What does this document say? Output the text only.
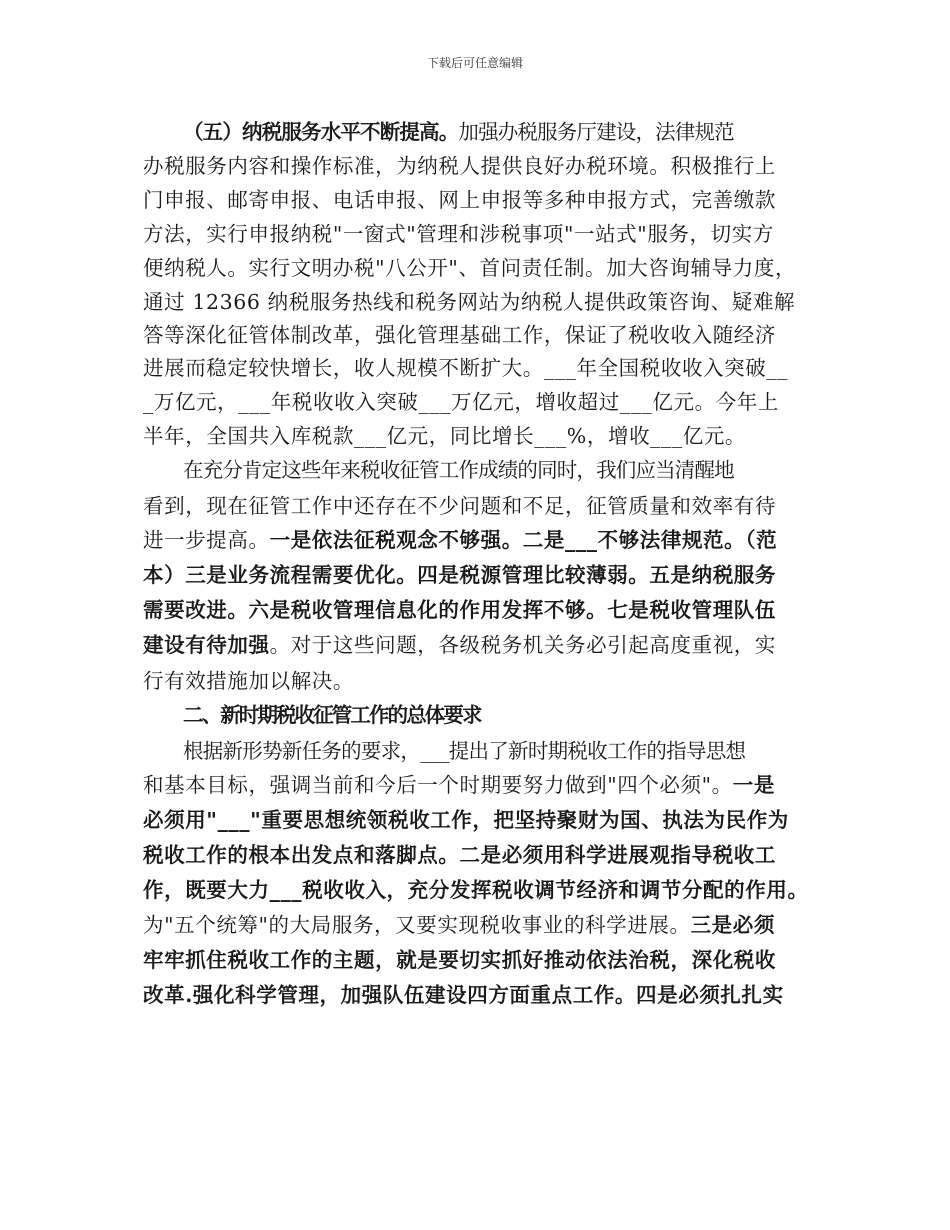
下载后可任意编辑
（五）纳税服务水平不断提高。加强办税服务厅建设，法律规范
办税服务内容和操作标准，为纳税人提供良好办税环境。积极推行上
门申报、邮寄申报、电话申报、网上申报等多种申报方式，完善缴款
方法，实行申报纳税"一窗式"管理和涉税事项"一站式"服务，切实方
便纳税人。实行文明办税"八公开"、首问责任制。加大咨询辅导力度，
通过 12366 纳税服务热线和税务网站为纳税人提供政策咨询、疑难解
答等深化征管体制改革，强化管理基础工作，保证了税收收入随经济
进展而稳定较快增长，收人规模不断扩大。___年全国税收收入突破__
_万亿元，___年税收收入突破___万亿元，增收超过___亿元。今年上
半年，全国共入库税款___亿元，同比增长___%，增收___亿元。
在充分肯定这些年来税收征管工作成绩的同时，我们应当清醒地
看到，现在征管工作中还存在不少问题和不足，征管质量和效率有待
进一步提高。一是依法征税观念不够强。二是___不够法律规范。（范
本）三是业务流程需要优化。四是税源管理比较薄弱。五是纳税服务
需要改进。六是税收管理信息化的作用发挥不够。七是税收管理队伍
建设有待加强。对于这些问题，各级税务机关务必引起高度重视，实
行有效措施加以解决。
二、新时期税收征管工作的总体要求
根据新形势新任务的要求，___提出了新时期税收工作的指导思想
和基本目标，强调当前和今后一个时期要努力做到"四个必须"。一是
必须用"___"重要思想统领税收工作，把坚持聚财为国、执法为民作为
税收工作的根本出发点和落脚点。二是必须用科学进展观指导税收工
作，既要大力___税收收入，充分发挥税收调节经济和调节分配的作用。
为"五个统筹"的大局服务，又要实现税收事业的科学进展。三是必须
牢牢抓住税收工作的主题，就是要切实抓好推动依法治税，深化税收
改革.强化科学管理，加强队伍建设四方面重点工作。四是必须扎扎实
